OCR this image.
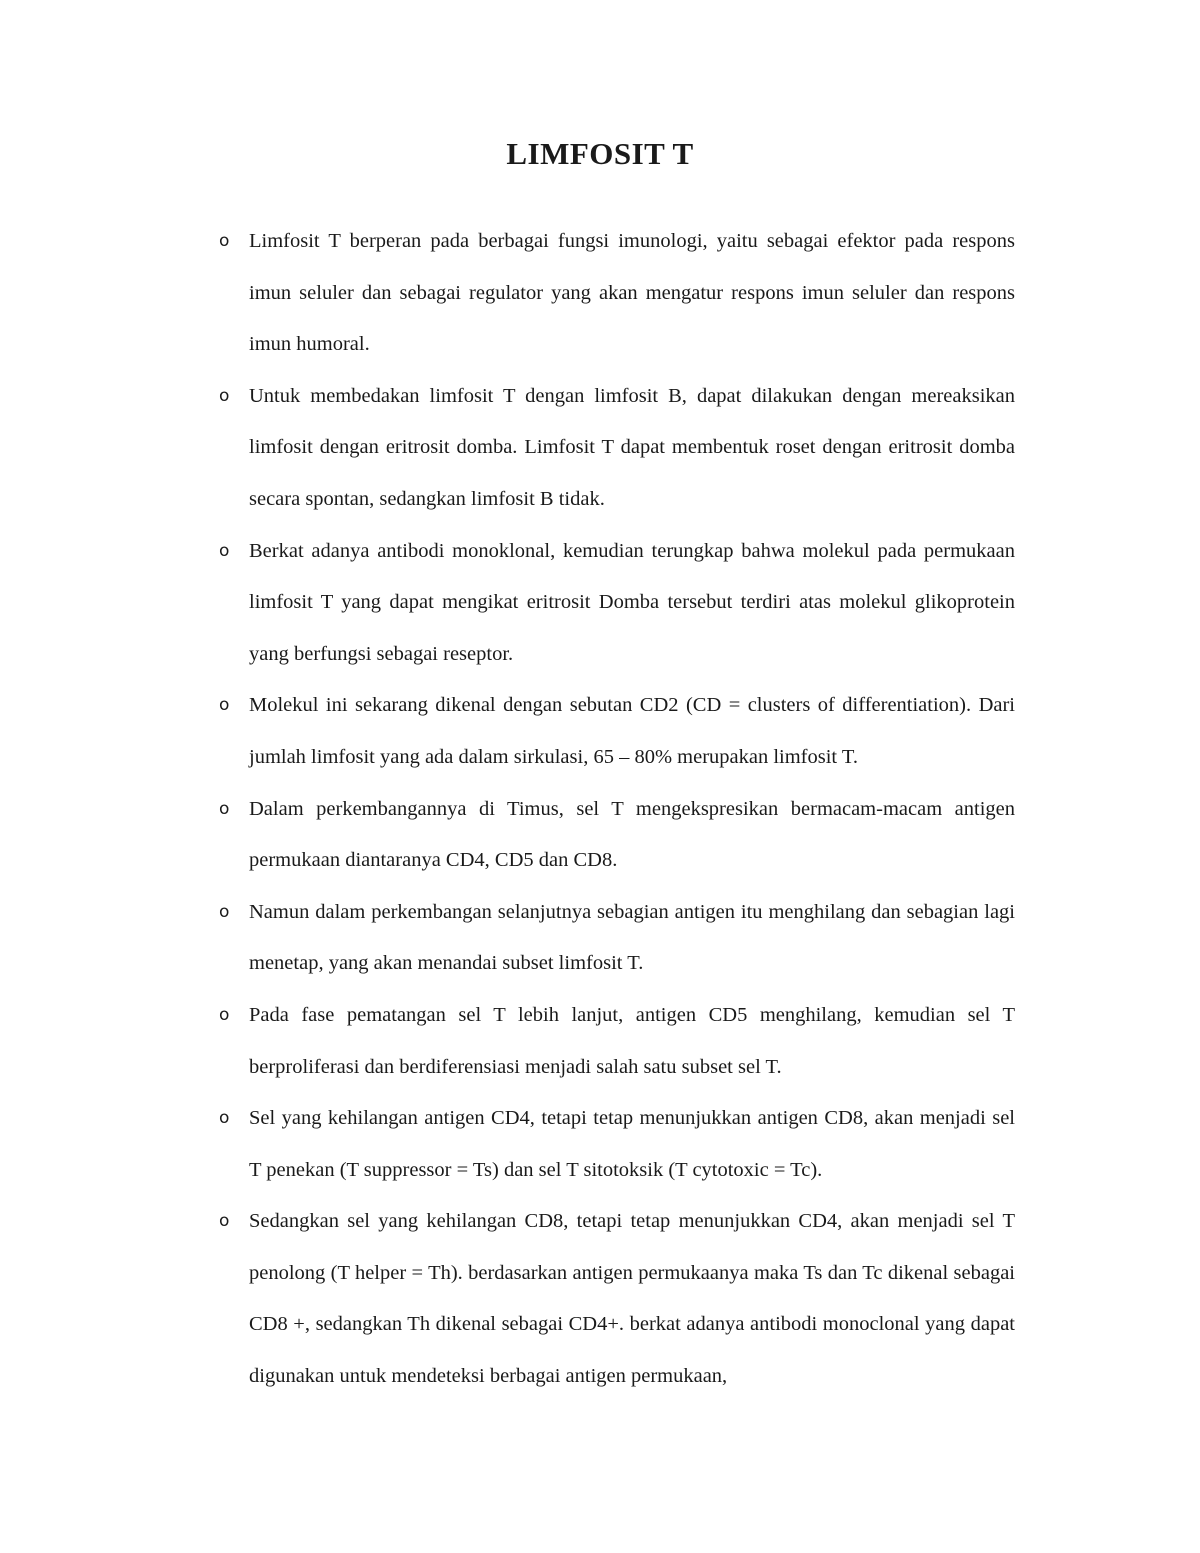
LIMFOSIT T
o Limfosit T berperan pada berbagai fungsi imunologi, yaitu sebagai efektor pada respons imun seluler dan sebagai regulator yang akan mengatur respons imun seluler dan respons imun humoral.
o Untuk membedakan limfosit T dengan limfosit B, dapat dilakukan dengan mereaksikan limfosit dengan eritrosit domba. Limfosit T dapat membentuk roset dengan eritrosit domba secara spontan, sedangkan limfosit B tidak.
o Berkat adanya antibodi monoklonal, kemudian terungkap bahwa molekul pada permukaan limfosit T yang dapat mengikat eritrosit Domba tersebut terdiri atas molekul glikoprotein yang berfungsi sebagai reseptor.
o Molekul ini sekarang dikenal dengan sebutan CD2 (CD = clusters of differentiation). Dari jumlah limfosit yang ada dalam sirkulasi, 65 – 80% merupakan limfosit T.
o Dalam perkembangannya di Timus, sel T mengekspresikan bermacam-macam antigen permukaan diantaranya CD4, CD5 dan CD8.
o Namun dalam perkembangan selanjutnya sebagian antigen itu menghilang dan sebagian lagi menetap, yang akan menandai subset limfosit T.
o Pada fase pematangan sel T lebih lanjut, antigen CD5 menghilang, kemudian sel T berproliferasi dan berdiferensiasi menjadi salah satu subset sel T.
o Sel yang kehilangan antigen CD4, tetapi tetap menunjukkan antigen CD8, akan menjadi sel T penekan (T suppressor = Ts) dan sel T sitotoksik (T cytotoxic = Tc).
o Sedangkan sel yang kehilangan CD8, tetapi tetap menunjukkan CD4, akan menjadi sel T penolong (T helper = Th). berdasarkan antigen permukaanya maka Ts dan Tc dikenal sebagai CD8 +, sedangkan Th dikenal sebagai CD4+. berkat adanya antibodi monoclonal yang dapat digunakan untuk mendeteksi berbagai antigen permukaan,
